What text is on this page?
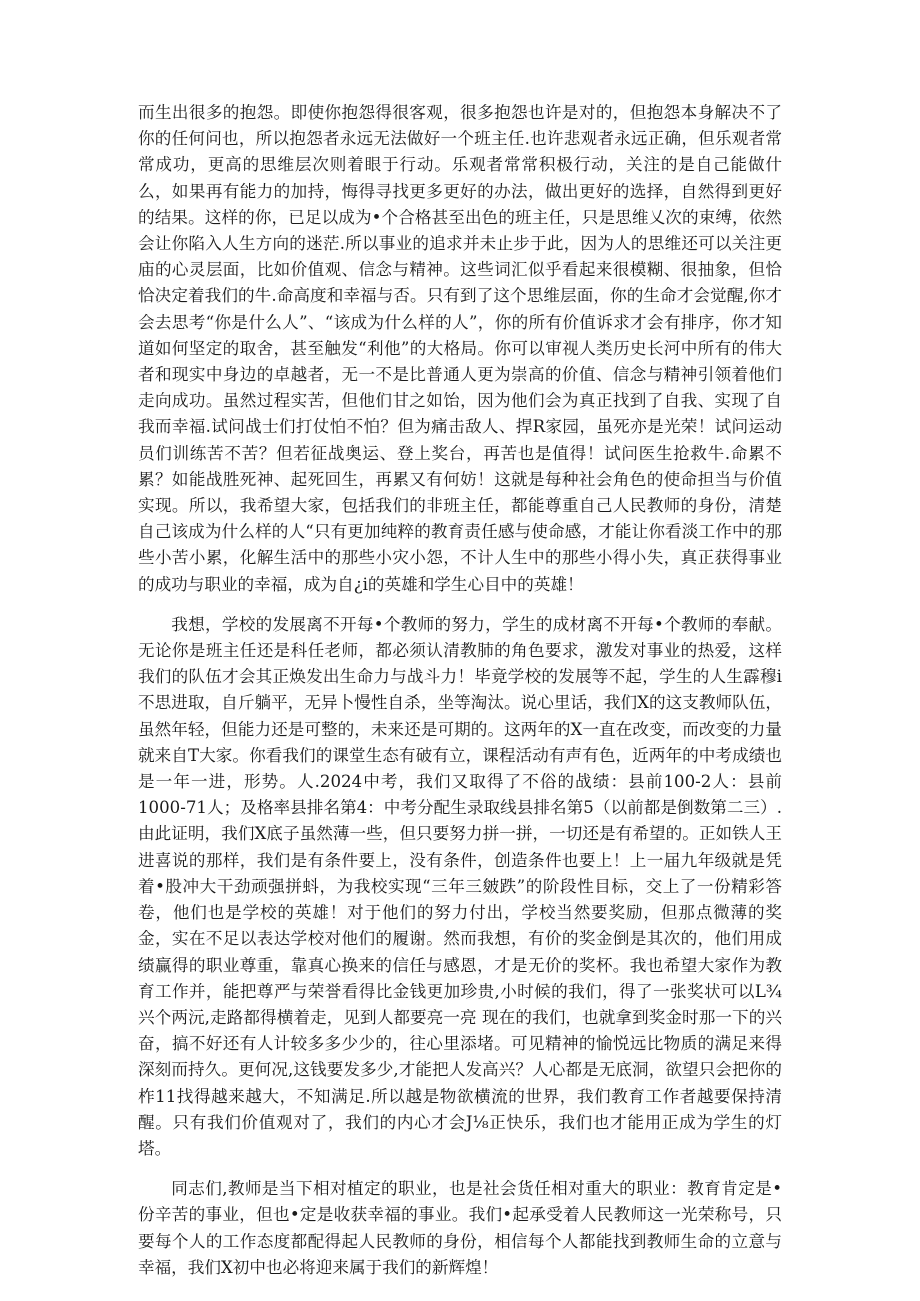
而生出很多的抱怨。即使你抱怨得很客观，很多抱怨也许是对的，但抱怨本身解决不了你的任何问也，所以抱怨者永远无法做好一个班主任.也许悲观者永远正确，但乐观者常常成功，更高的思维层次则着眼于行动。乐观者常常积极行动，关注的是自己能做什么，如果再有能力的加持，悔得寻找更多更好的办法，做出更好的选择，自然得到更好的结果。这样的你，已足以成为•个合格甚至出色的班主任，只是思维乂次的束缚，依然会让你陷入人生方向的迷茫.所以事业的追求并未止步于此，因为人的思维还可以关注更庙的心灵层面，比如价值观、信念与精神。这些词汇似乎看起来很模糊、很抽象，但恰恰决定着我们的牛.命高度和幸福与否。只有到了这个思维层面，你的生命才会觉醒,你才会去思考“你是什么人”、“该成为什么样的人”，你的所有价值诉求才会有排序，你才知道如何坚定的取舍，甚至触发“利他”的大格局。你可以审视人类历史长河中所有的伟大者和现实中身边的卓越者，无一不是比普通人更为崇高的价值、信念与精神引领着他们走向成功。虽然过程实苦，但他们甘之如饴，因为他们会为真正找到了自我、实现了自我而幸福.试问战士们打仗怕不怕？但为痛击敌人、捍R家园，虽死亦是光荣！试问运动员们训练苦不苦？但若征战奥运、登上奖台，再苦也是值得！试问医生抢救牛.命累不累？如能战胜死神、起死回生，再累又有何妨！这就是每种社会角色的使命担当与价值实现。所以，我希望大家，包括我们的非班主任，都能尊重自己人民教师的身份，清楚自己该成为什么样的人“只有更加纯粹的教育责任感与使命感，才能让你看淡工作中的那些小苦小累，化解生活中的那些小灾小怨，不计人生中的那些小得小失，真正获得事业的成功与职业的幸福，成为自¿i的英雄和学生心目中的英雄！

我想，学校的发展离不开每•个教师的努力，学生的成材离不开每•个教师的奉献。无论你是班主任还是科任老师，都必须认清教肺的角色要求，激发对事业的热爱，这样我们的队伍才会其正焕发出生命力与战斗力！毕竟学校的发展等不起，学生的人生霹穆i不思进取，自斤躺平，无异卜慢性自杀，坐等淘汰。说心里话，我们X的这支教师队伍，虽然年轻，但能力还是可整的，未来还是可期的。这两年的X一直在改变，而改变的力量就来自T大家。你看我们的课堂生态有破有立，课程活动有声有色，近两年的中考成绩也是一年一进，形势。人.2024中考，我们又取得了不俗的战绩：县前100-2人：县前1000-71人；及格率县排名第4：中考分配生录取线县排名第5（以前都是倒数第二三）.由此证明，我们X底子虽然薄一些，但只要努力拼一拼，一切还是有希望的。正如铁人王进喜说的那样，我们是有条件要上，没有条件，创造条件也要上！上一届九年级就是凭着•股冲大干劲顽强拼蚪，为我校实现“三年三皴跌”的阶段性目标，交上了一份精彩答卷，他们也是学校的英雄！对于他们的努力付出，学校当然要奖励，但那点微薄的奖金，实在不足以表达学校对他们的履谢。然而我想，有价的奖金倒是其次的，他们用成绩赢得的职业尊重，靠真心换来的信任与感恩，才是无价的奖杯。我也希望大家作为教育工作并，能把尊严与荣誉看得比金钱更加珍贵,小时候的我们，得了一张奖状可以L¾兴个两沅,走路都得横着走，见到人都要亮一亮 现在的我们，也就拿到奖金时那一下的兴奋，搞不好还有人计较多多少少的，往心里添堵。可见精神的愉悦远比物质的满足来得深刻而持久。更何况,这钱要发多少,才能把人发高兴？人心都是无底洞，欲望只会把你的柞11找得越来越大，不知满足.所以越是物欲横流的世界，我们教育工作者越要保持清醒。只有我们价值观对了，我们的内心才会J⅛正快乐，我们也才能用正成为学生的灯塔。

同志们,教师是当下相对植定的职业，也是社会货任相对重大的职业：教育肯定是•份辛苦的事业，但也•定是收获幸福的事业。我们•起承受着人民教师这一光荣称号，只要每个人的工作态度都配得起人民教师的身份，相信每个人都能找到教师生命的立意与幸福，我们X初中也必将迎来属于我们的新辉煌！
